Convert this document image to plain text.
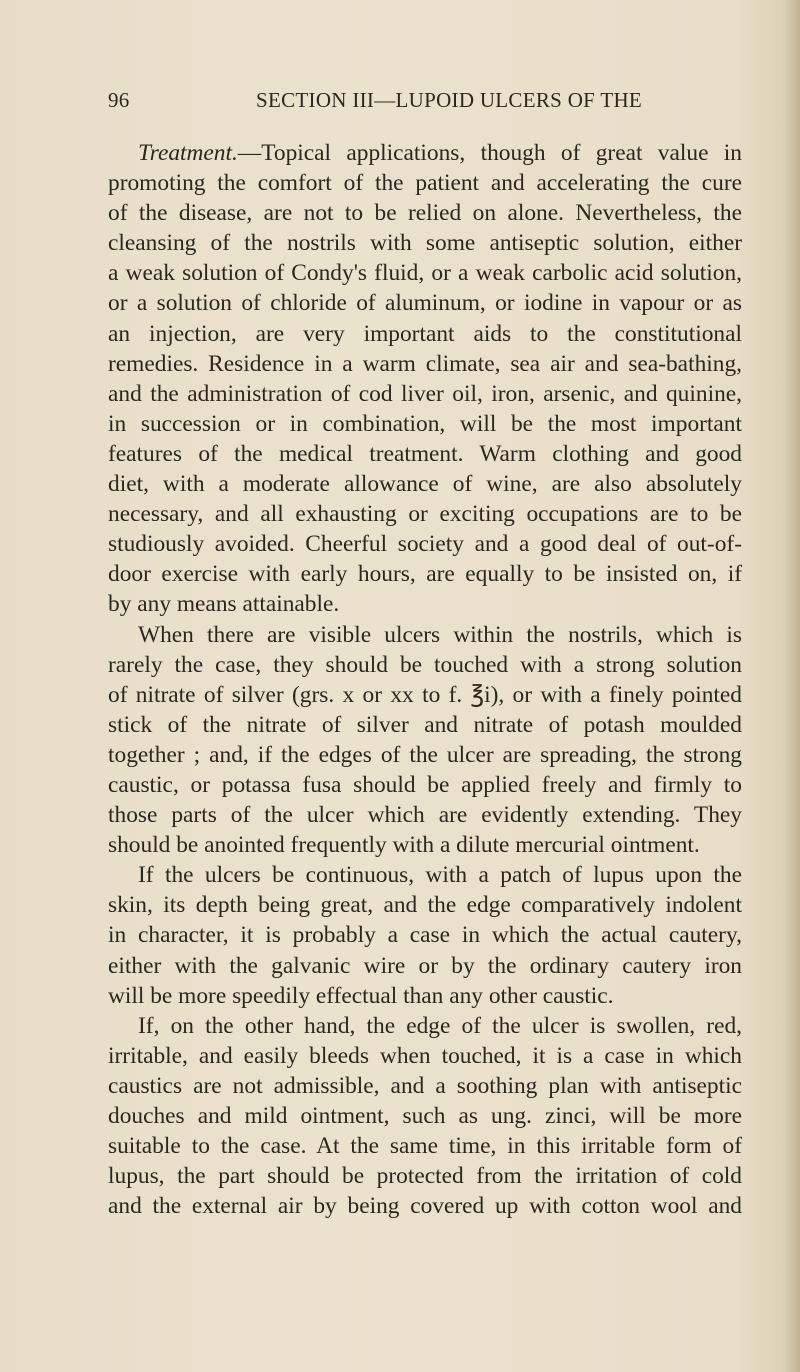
96	SECTION III—LUPOID ULCERS OF THE
Treatment.—Topical applications, though of great value in
promoting the comfort of the patient and accelerating the cure
of the disease, are not to be relied on alone. Nevertheless, the
cleansing of the nostrils with some antiseptic solution, either
a weak solution of Condy's fluid, or a weak carbolic acid solution,
or a solution of chloride of aluminum, or iodine in vapour or as
an injection, are very important aids to the constitutional
remedies. Residence in a warm climate, sea air and sea-bathing,
and the administration of cod liver oil, iron, arsenic, and quinine,
in succession or in combination, will be the most important
features of the medical treatment. Warm clothing and good
diet, with a moderate allowance of wine, are also absolutely
necessary, and all exhausting or exciting occupations are to be
studiously avoided. Cheerful society and a good deal of out-of-
door exercise with early hours, are equally to be insisted on, if
by any means attainable.
When there are visible ulcers within the nostrils, which is
rarely the case, they should be touched with a strong solution
of nitrate of silver (grs. x or xx to f. ℥i), or with a finely pointed
stick of the nitrate of silver and nitrate of potash moulded
together ; and, if the edges of the ulcer are spreading, the strong
caustic, or potassa fusa should be applied freely and firmly to
those parts of the ulcer which are evidently extending. They
should be anointed frequently with a dilute mercurial ointment.
If the ulcers be continuous, with a patch of lupus upon the
skin, its depth being great, and the edge comparatively indolent
in character, it is probably a case in which the actual cautery,
either with the galvanic wire or by the ordinary cautery iron
will be more speedily effectual than any other caustic.
If, on the other hand, the edge of the ulcer is swollen, red,
irritable, and easily bleeds when touched, it is a case in which
caustics are not admissible, and a soothing plan with antiseptic
douches and mild ointment, such as ung. zinci, will be more
suitable to the case. At the same time, in this irritable form of
lupus, the part should be protected from the irritation of cold
and the external air by being covered up with cotton wool and
